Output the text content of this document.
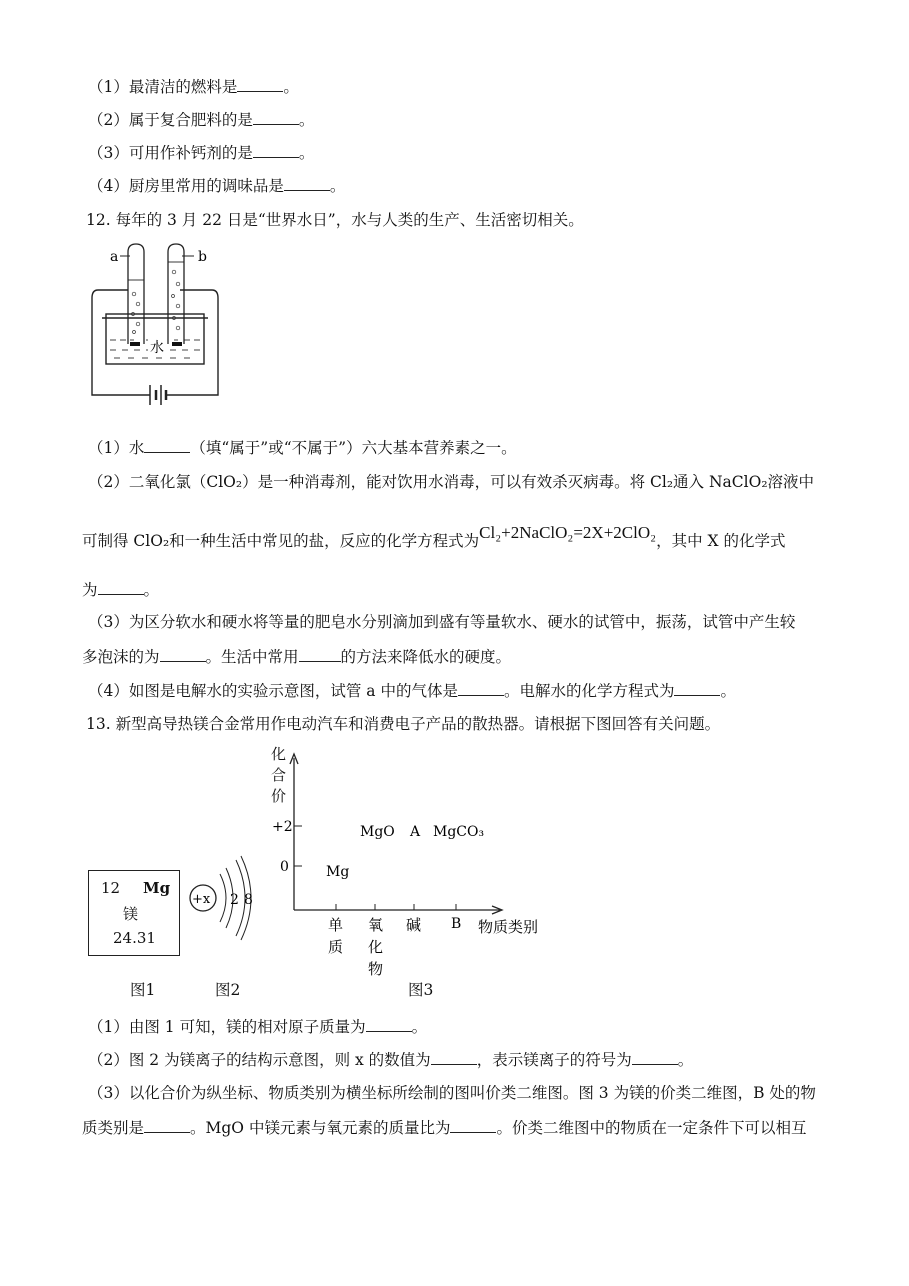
（1）最清洁的燃料是	。
（2）属于复合肥料的是	。
（3）可用作补钙剂的是	。
（4）厨房里常用的调味品是	。
12. 每年的 3 月 22 日是“世界水日”，水与人类的生产、生活密切相关。
a	b
水
（1）水	（填“属于”或“不属于”）六大基本营养素之一。
（2）二氧化氯（ClO₂）是一种消毒剂，能对饮用水消毒，可以有效杀灭病毒。将 Cl₂通入 NaClO₂溶液中
可制得 ClO₂和一种生活中常见的盐，反应的化学方程式为Cl₂+2NaClO₂=2X+2ClO₂，其中 X 的化学式
为	。
（3）为区分软水和硬水将等量的肥皂水分别滴加到盛有等量软水、硬水的试管中，振荡，试管中产生较
多泡沫的为	。生活中常用	的方法来降低水的硬度。
（4）如图是电解水的实验示意图，试管 a 中的气体是	。电解水的化学方程式为	。
13. 新型高导热镁合金常用作电动汽车和消费电子产品的散热器。请根据下图回答有关问题。
12 Mg
镁
24.31
图1
+x 2 8
图2
化
合
价
+2
0	Mg
MgO A MgCO₃
单
质
氧
化
物
碱 B 物质类别
图3
（1）由图 1 可知，镁的相对原子质量为	。
（2）图 2 为镁离子的结构示意图，则 x 的数值为	，表示镁离子的符号为	。
（3）以化合价为纵坐标、物质类别为横坐标所绘制的图叫价类二维图。图 3 为镁的价类二维图，B 处的物
质类别是	。MgO 中镁元素与氧元素的质量比为	。价类二维图中的物质在一定条件下可以相互
